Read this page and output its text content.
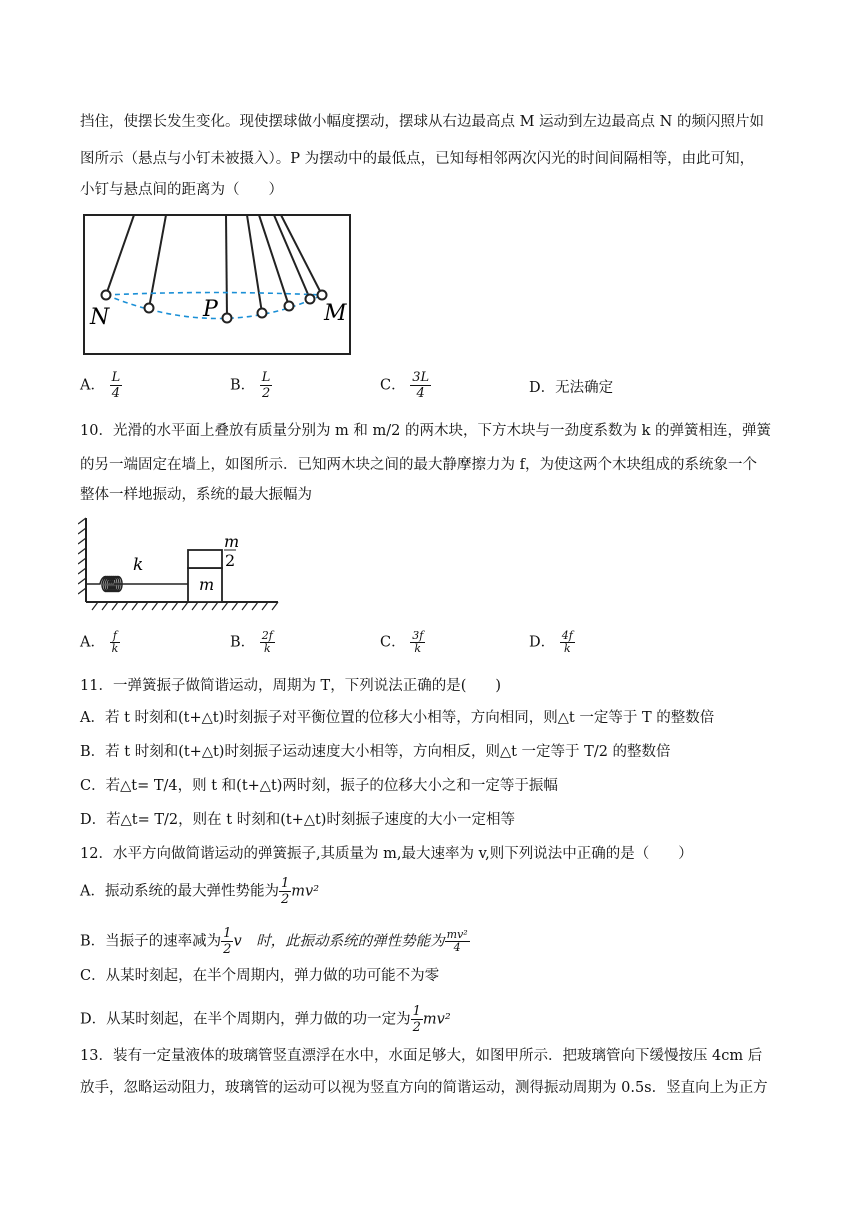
挡住，使摆长发生变化。现使摆球做小幅度摆动，摆球从右边最高点 M 运动到左边最高点 N 的频闪照片如
图所示（悬点与小钉未被摄入）。P 为摆动中的最低点，已知每相邻两次闪光的时间间隔相等，由此可知，
小钉与悬点间的距离为（　　）
N	P	M
A． $\frac{L}{4}$	B． $\frac{L}{2}$	C． $\frac{3L}{4}$	D．无法确定
10．光滑的水平面上叠放有质量分别为 m 和 m/2 的两木块，下方木块与一劲度系数为 k 的弹簧相连，弹簧
的另一端固定在墙上，如图所示．已知两木块之间的最大静摩擦力为 f，为使这两个木块组成的系统象一个
整体一样地振动，系统的最大振幅为
k
m
2
m
A． $\frac{f}{k}$	B． $\frac{2f}{k}$	C． $\frac{3f}{k}$	D． $\frac{4f}{k}$
11．一弹簧振子做简谐运动，周期为 T，下列说法正确的是(　　)
A．若 t 时刻和(t+△t)时刻振子对平衡位置的位移大小相等，方向相同，则△t 一定等于 T 的整数倍
B．若 t 时刻和(t+△t)时刻振子运动速度大小相等，方向相反，则△t 一定等于 T/2 的整数倍
C．若△t= T/4，则 t 和(t+△t)两时刻，振子的位移大小之和一定等于振幅
D．若△t= T/2，则在 t 时刻和(t+△t)时刻振子速度的大小一定相等
12．水平方向做简谐运动的弹簧振子,其质量为 m,最大速率为 v,则下列说法中正确的是（　　）
A．振动系统的最大弹性势能为 $\frac{1}{2} mv^2$
B．当振子的速率减为 $\frac{1}{2}$ v　时，此振动系统的弹性势能为 $\frac{\text{mv²}}{4}$
C．从某时刻起，在半个周期内，弹力做的功可能不为零
D．从某时刻起，在半个周期内，弹力做的功一定为 $\frac{1}{2} mv^2$
13．装有一定量液体的玻璃管竖直漂浮在水中，水面足够大，如图甲所示．把玻璃管向下缓慢按压 4cm 后
放手，忽略运动阻力，玻璃管的运动可以视为竖直方向的简谐运动，测得振动周期为 0.5s．竖直向上为正方
